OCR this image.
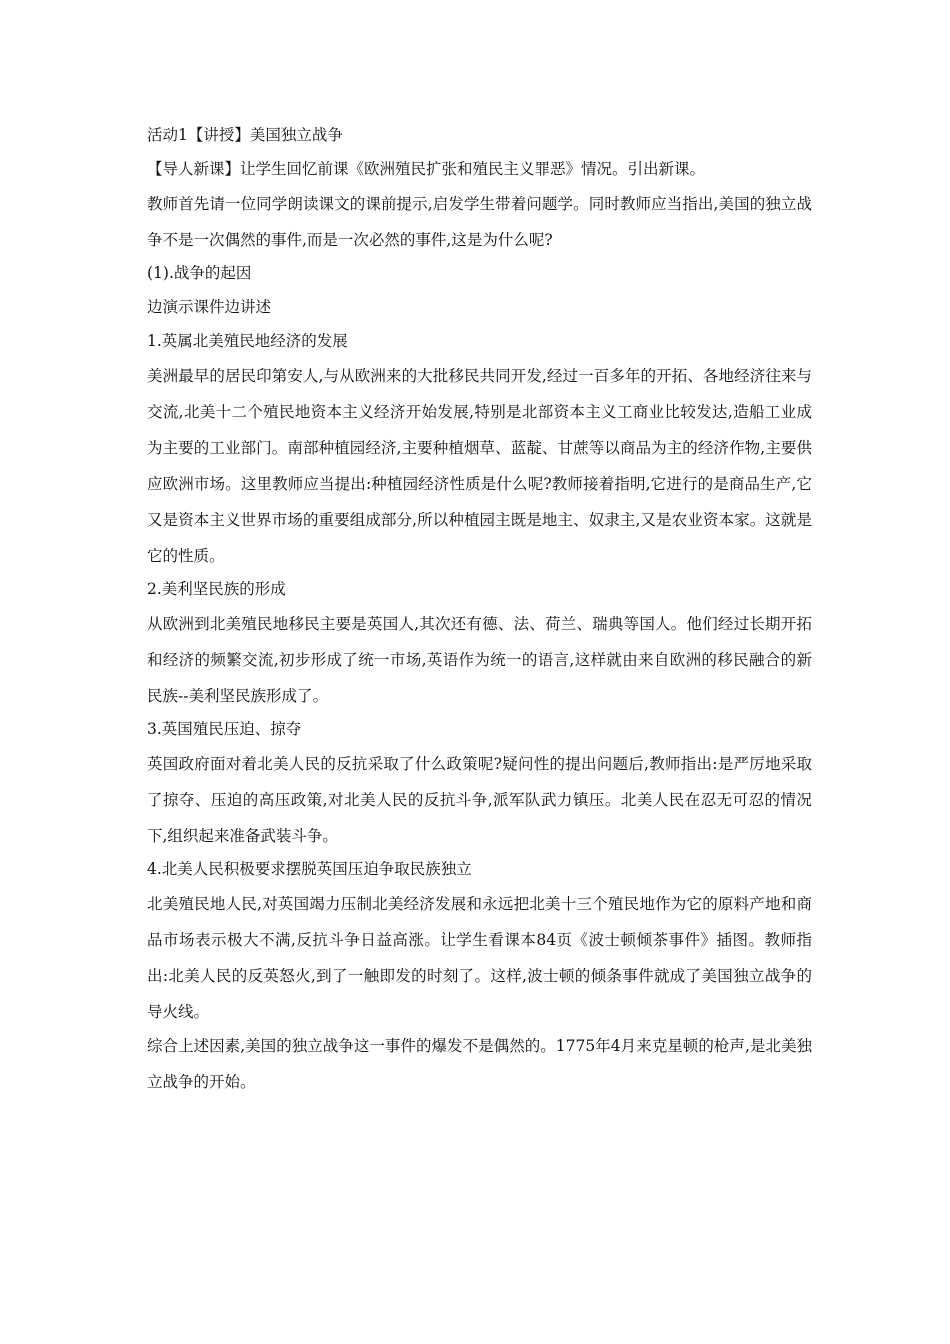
活动1【讲授】美国独立战争

【导人新课】让学生回忆前课《欧洲殖民扩张和殖民主义罪恶》情况。引出新课。

教师首先请一位同学朗读课文的课前提示,启发学生带着问题学。同时教师应当指出,美国的独立战争不是一次偶然的事件,而是一次必然的事件,这是为什么呢?

(1).战争的起因

边演示课件边讲述

1.英属北美殖民地经济的发展

美洲最早的居民印第安人,与从欧洲来的大批移民共同开发,经过一百多年的开拓、各地经济往来与交流,北美十二个殖民地资本主义经济开始发展,特别是北部资本主义工商业比较发达,造船工业成为主要的工业部门。南部种植园经济,主要种植烟草、蓝靛、甘蔗等以商品为主的经济作物,主要供应欧洲市场。这里教师应当提出:种植园经济性质是什么呢?教师接着指明,它进行的是商品生产,它又是资本主义世界市场的重要组成部分,所以种植园主既是地主、奴隶主,又是农业资本家。这就是它的性质。

2.美利坚民族的形成

从欧洲到北美殖民地移民主要是英国人,其次还有德、法、荷兰、瑞典等国人。他们经过长期开拓和经济的频繁交流,初步形成了统一市场,英语作为统一的语言,这样就由来自欧洲的移民融合的新民族--美利坚民族形成了。

3.英国殖民压迫、掠夺

英国政府面对着北美人民的反抗采取了什么政策呢?疑问性的提出问题后,教师指出:是严厉地采取了掠夺、压迫的高压政策,对北美人民的反抗斗争,派军队武力镇压。北美人民在忍无可忍的情况下,组织起来准备武装斗争。

4.北美人民积极要求摆脱英国压迫争取民族独立

北美殖民地人民,对英国竭力压制北美经济发展和永远把北美十三个殖民地作为它的原料产地和商品市场表示极大不满,反抗斗争日益高涨。让学生看课本84页《波士顿倾茶事件》插图。教师指出:北美人民的反英怒火,到了一触即发的时刻了。这样,波士顿的倾条事件就成了美国独立战争的导火线。

综合上述因素,美国的独立战争这一事件的爆发不是偶然的。1775年4月来克星顿的枪声,是北美独立战争的开始。
